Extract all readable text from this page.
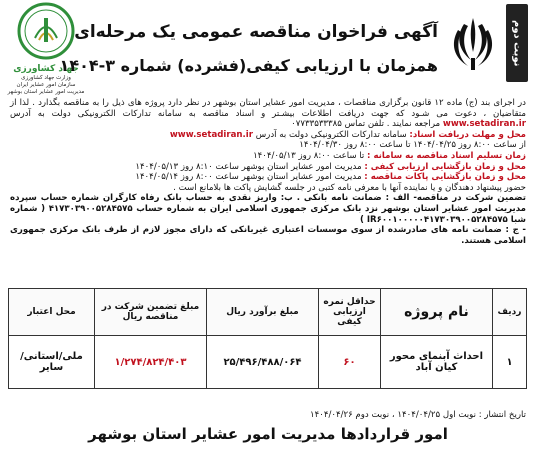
نوبت دوم
جهاد کشاورزی
وزارت جهاد کشاورزی
سازمان امور عشایر ایران
مدیریت امور عشایر استان بوشهر
آگهی فراخوان مناقصه عمومی یک مرحله‌ای
همزمان با ارزیابی کیفی(فشرده) شماره ۳-۱۴۰۴

در اجرای بند (ج) ماده ۱۲ قانون برگزاری مناقصات ، مدیریت امور عشایر استان بوشهر در نظر دارد پروژه های ذیل را به مناقصه بگذارد . لذا از متقاضیان ، دعوت می شـود که جهت دریافت اطلاعات بیشـتر و اسناد مناقصه به سامانه تدارکات الکترونیکی دولت به آدرس www.setadiran.ir مراجعه نمایند . تلفن تماس ۰۷۷۳۳۵۳۳۳۸۵

محل و مهلت دریافت اسناد: سامانه تدارکات الکترونیکی دولت به آدرس www.setadiran.ir

از ساعت ۸:۰۰ روز ۱۴۰۴/۰۴/۲۵ تا ساعت ۸:۰۰ روز ۱۴۰۴/۰۴/۳۰

زمان تسلیم اسناد مناقصه به سامانه : تا ساعت ۸:۰۰ روز ۱۴۰۴/۰۵/۱۳

محل و زمان بازگشایی ارزیابی کیفی : مدیریت امور عشایر استان بوشهر ساعت ۸:۱۰ روز ۱۴۰۴/۰۵/۱۳

محل و زمان بازگشایی پاکات مناقصه : مدیریت امور عشایر استان بوشهر ساعت ۸:۰۰ روز ۱۴۰۴/۰۵/۱۴

حضور پیشنهاد دهندگان و یا نماینده آنها با معرفی نامه کتبی در جلسه گشایش پاکت ها بلامانع است .

تضمین شرکت در مناقصه- الف : ضمانت نامه بانکی . ب: واریز نقدی به حساب بانک رفاه کارگران شماره حساب سپرده مدیریت امور عشایر استان بوشهر نزد بانک مرکزی جمهوری اسلامی ایران به شماره حساب ۴۱۷۳۰۳۹۰۰۵۲۸۴۵۷۵ ( شماره شبا IR۶۰۰۱۰۰۰۰۰۴۱۷۳۰۳۹۰۰۵۲۸۴۵۷۵ )

- ج : ضمانت نامه های صادرشده از سوی موسسات اعتباری غیربانکی که دارای مجوز لازم از طرف بانک مرکزی جمهوری اسلامی هستند.

ردیف	نام پروژه	حداقل نمره ارزیابی کیفی	مبلغ برآورد ریال	مبلغ تضمین شرکت در مناقصه ریال	محل اعتبار
۱	احداث آبنمای محور کیان آباد	۶۰	۲۵/۴۹۶/۴۸۸/۰۶۴	۱/۲۷۴/۸۲۴/۴۰۳	ملی/استانی/ سایر
تاریخ انتشار : نوبت اول ۱۴۰۴/۰۴/۲۵ ، نوبت دوم ۱۴۰۴/۰۴/۲۶
امور قراردادها مدیریت امور عشایر استان بوشهر
